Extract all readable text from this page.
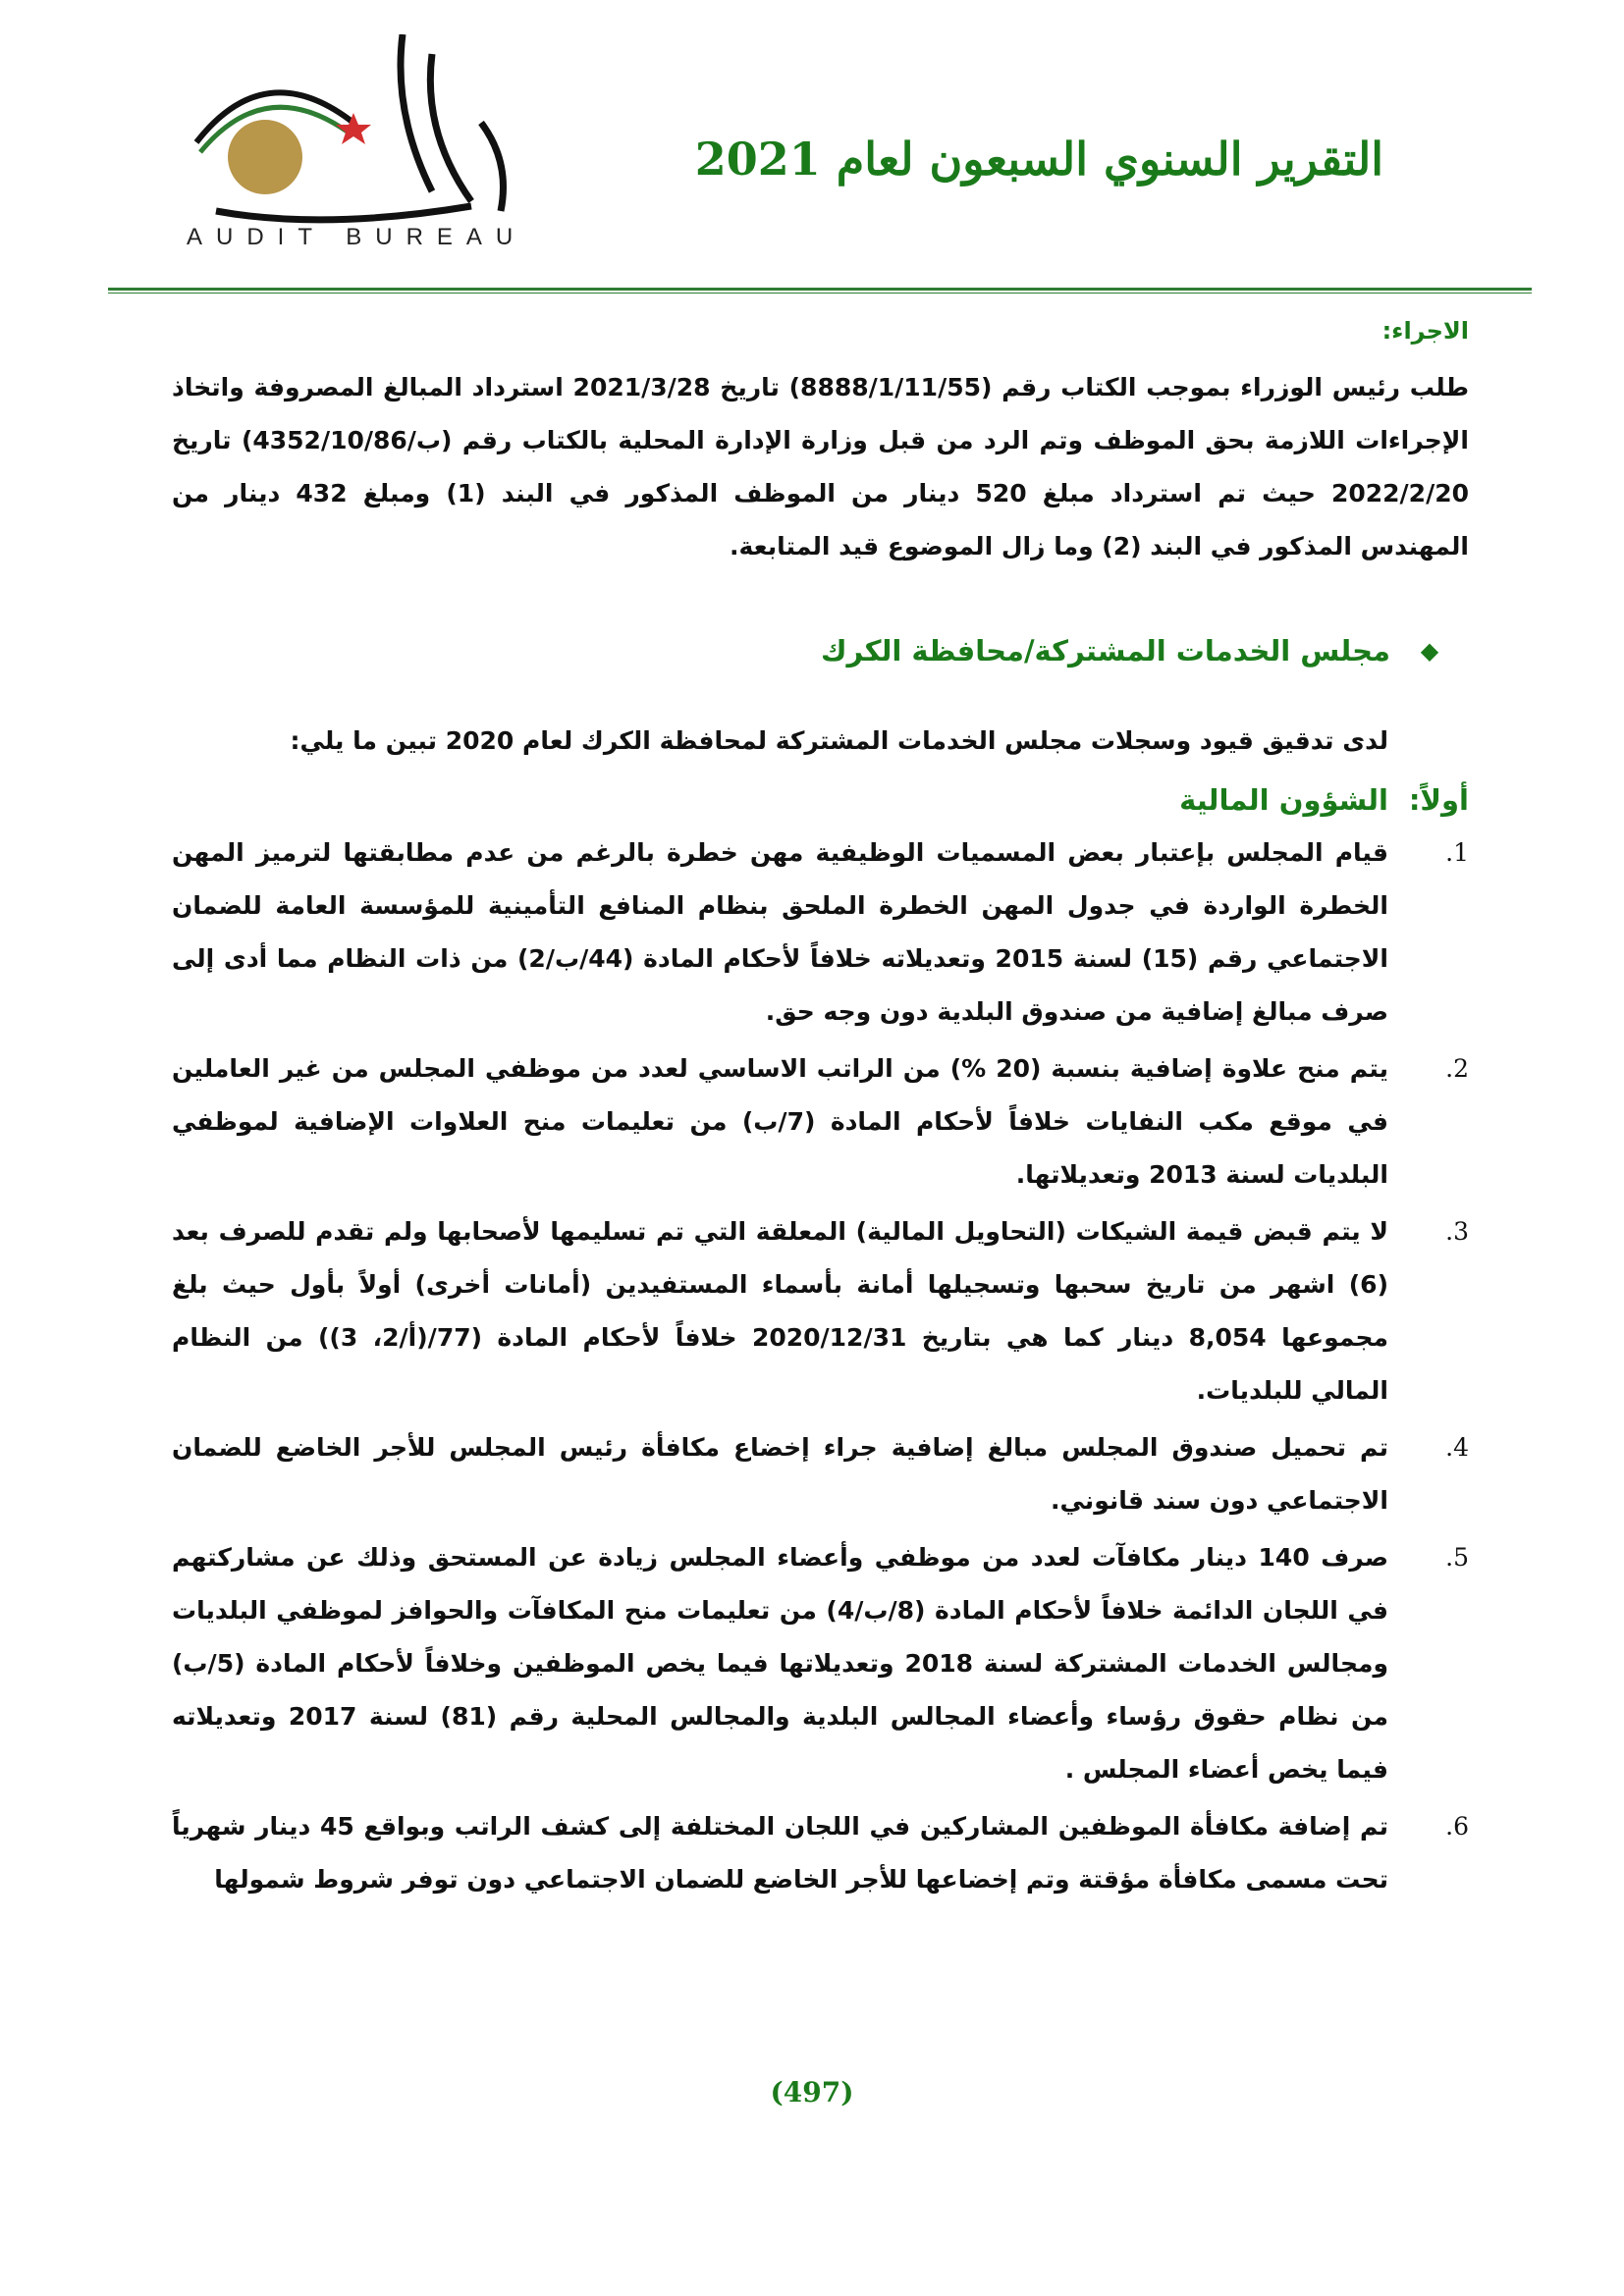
AUDIT BUREAU
التقرير السنوي السبعون لعام 2021
الاجراء:
طلب رئيس الوزراء بموجب الكتاب رقم (8888/1/11/55) تاريخ 2021/3/28 استرداد المبالغ المصروفة واتخاذ الإجراءات اللازمة بحق الموظف وتم الرد من قبل وزارة الإدارة المحلية بالكتاب رقم (ب/4352/10/86) تاريخ 2022/2/20 حيث تم استرداد مبلغ 520 دينار من الموظف المذكور في البند (1) ومبلغ 432 دينار من المهندس المذكور في البند (2) وما زال الموضوع قيد المتابعة.
◆
مجلس الخدمات المشتركة/محافظة الكرك
لدى تدقيق قيود وسجلات مجلس الخدمات المشتركة لمحافظة الكرك لعام 2020 تبين ما يلي:
أولاً:
الشؤون المالية
1.
قيام المجلس بإعتبار بعض المسميات الوظيفية مهن خطرة بالرغم من عدم مطابقتها لترميز المهن الخطرة الواردة في جدول المهن الخطرة الملحق بنظام المنافع التأمينية للمؤسسة العامة للضمان الاجتماعي رقم (15) لسنة 2015 وتعديلاته خلافاً لأحكام المادة (44/ب/2) من ذات النظام مما أدى إلى صرف مبالغ إضافية من صندوق البلدية دون وجه حق.
2.
يتم منح علاوة إضافية بنسبة (20 %) من الراتب الاساسي لعدد من موظفي المجلس من غير العاملين في موقع مكب النفايات خلافاً لأحكام المادة (7/ب) من تعليمات منح العلاوات الإضافية لموظفي البلديات لسنة 2013 وتعديلاتها.
3.
لا يتم قبض قيمة الشيكات (التحاويل المالية) المعلقة التي تم تسليمها لأصحابها ولم تقدم للصرف بعد (6) اشهر من تاريخ سحبها وتسجيلها أمانة بأسماء المستفيدين (أمانات أخرى) أولاً بأول حيث بلغ مجموعها 8,054 دينار كما هي بتاريخ 2020/12/31 خلافاً لأحكام المادة (77/(أ/2، 3)) من النظام المالي للبلديات.
4.
تم تحميل صندوق المجلس مبالغ إضافية جراء إخضاع مكافأة رئيس المجلس للأجر الخاضع للضمان الاجتماعي دون سند قانوني.
5.
صرف 140 دينار مكافآت لعدد من موظفي وأعضاء المجلس زيادة عن المستحق وذلك عن مشاركتهم في اللجان الدائمة خلافاً لأحكام المادة (8/ب/4) من تعليمات منح المكافآت والحوافز لموظفي البلديات ومجالس الخدمات المشتركة لسنة 2018 وتعديلاتها فيما يخص الموظفين وخلافاً لأحكام المادة (5/ب) من نظام حقوق رؤساء وأعضاء المجالس البلدية والمجالس المحلية رقم (81) لسنة 2017 وتعديلاته فيما يخص أعضاء المجلس .
6.
تم إضافة مكافأة الموظفين المشاركين في اللجان المختلفة إلى كشف الراتب وبواقع 45 دينار شهرياً تحت مسمى مكافأة مؤقتة وتم إخضاعها للأجر الخاضع للضمان الاجتماعي دون توفر شروط شمولها
(497)
